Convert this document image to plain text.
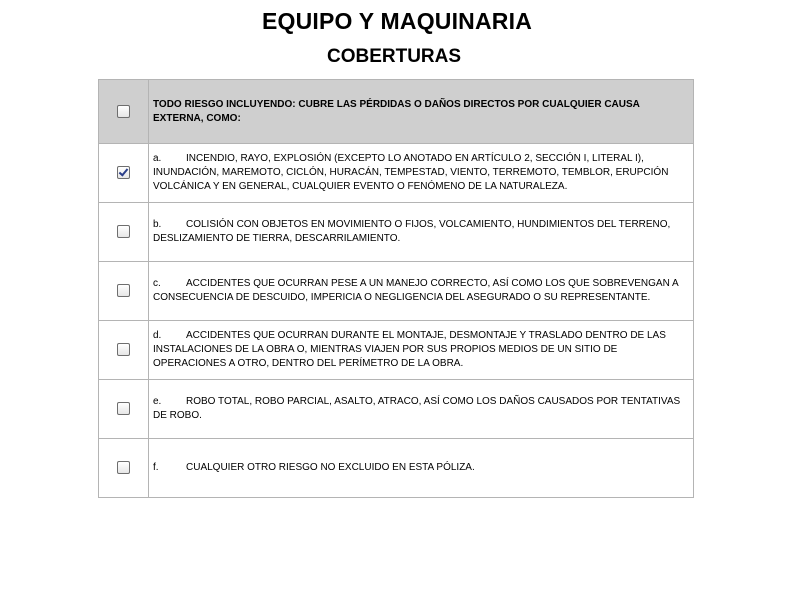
EQUIPO Y MAQUINARIA
COBERTURAS
	TODO RIESGO INCLUYENDO: CUBRE LAS PÉRDIDAS O DAÑOS DIRECTOS POR CUALQUIER CAUSA EXTERNA, COMO:
	a. INCENDIO, RAYO, EXPLOSIÓN (EXCEPTO LO ANOTADO EN ARTÍCULO 2, SECCIÓN I, LITERAL I), INUNDACIÓN, MAREMOTO, CICLÓN, HURACÁN, TEMPESTAD, VIENTO, TERREMOTO, TEMBLOR, ERUPCIÓN VOLCÁNICA Y EN GENERAL, CUALQUIER EVENTO O FENÓMENO DE LA NATURALEZA.
	b. COLISIÓN CON OBJETOS EN MOVIMIENTO O FIJOS, VOLCAMIENTO, HUNDIMIENTOS DEL TERRENO, DESLIZAMIENTO DE TIERRA, DESCARRILAMIENTO.
	c. ACCIDENTES QUE OCURRAN PESE A UN MANEJO CORRECTO, ASÍ COMO LOS QUE SOBREVENGAN A CONSECUENCIA DE DESCUIDO, IMPERICIA O NEGLIGENCIA DEL ASEGURADO O SU REPRESENTANTE.
	d. ACCIDENTES QUE OCURRAN DURANTE EL MONTAJE, DESMONTAJE Y TRASLADO DENTRO DE LAS INSTALACIONES DE LA OBRA O, MIENTRAS VIAJEN POR SUS PROPIOS MEDIOS DE UN SITIO DE OPERACIONES A OTRO, DENTRO DEL PERÍMETRO DE LA OBRA.
	e. ROBO TOTAL, ROBO PARCIAL, ASALTO, ATRACO, ASÍ COMO LOS DAÑOS CAUSADOS POR TENTATIVAS DE ROBO.
	f. CUALQUIER OTRO RIESGO NO EXCLUIDO EN ESTA PÓLIZA.
